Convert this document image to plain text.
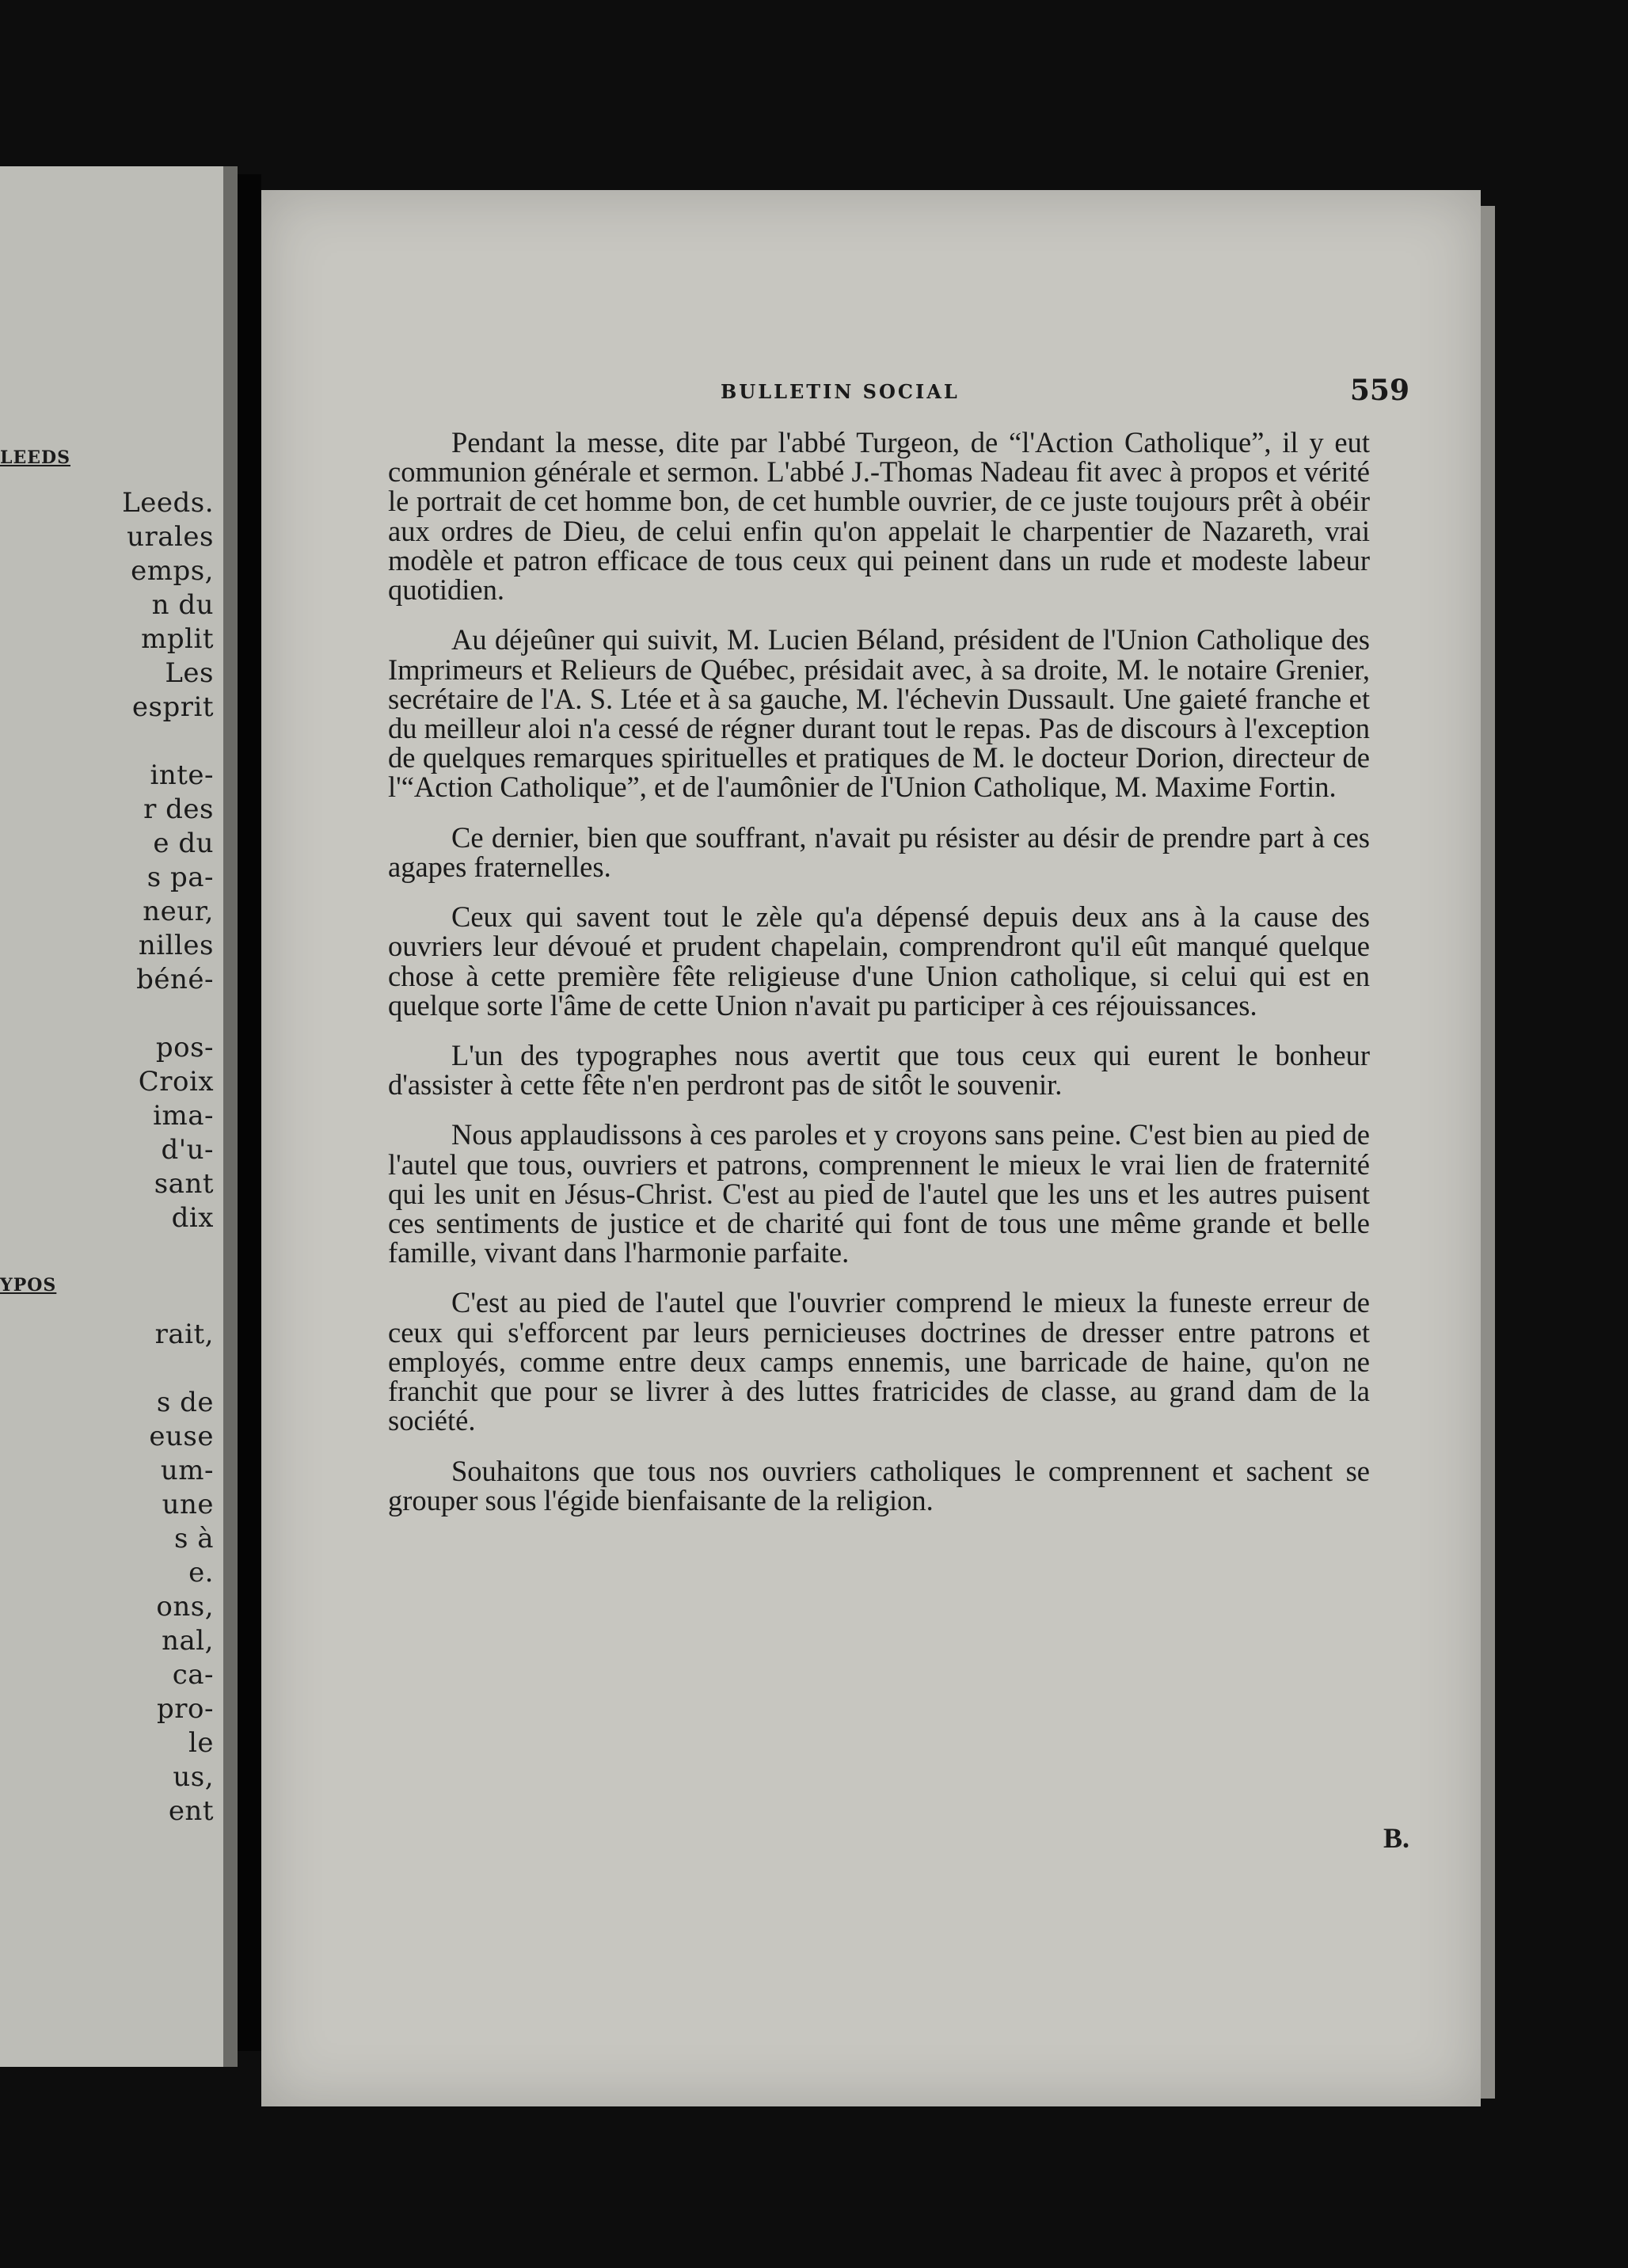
LEEDS
Leeds.
urales
emps,
n du
mplit
Les
esprit
inte-
r des
e du
s pa-
neur,
nilles
béné-
pos-
Croix
ima-
d'u-
sant
dix
YPOS
rait,
s de
euse
um-
une
s à
e.
ons,
nal,
ca-
pro-
le
us,
ent
BULLETIN SOCIAL	559

Pendant la messe, dite par l'abbé Turgeon, de “l'Action Catholique”, il y eut communion générale et sermon. L'abbé J.-Thomas Nadeau fit avec à propos et vérité le portrait de cet homme bon, de cet humble ouvrier, de ce juste toujours prêt à obéir aux ordres de Dieu, de celui enfin qu'on appelait le charpentier de Nazareth, vrai modèle et patron efficace de tous ceux qui peinent dans un rude et modeste labeur quotidien.

Au déjeûner qui suivit, M. Lucien Béland, président de l'Union Catholique des Imprimeurs et Relieurs de Québec, présidait avec, à sa droite, M. le notaire Grenier, secrétaire de l'A. S. Ltée et à sa gauche, M. l'échevin Dussault. Une gaieté franche et du meilleur aloi n'a cessé de régner durant tout le repas. Pas de discours à l'exception de quelques remarques spirituelles et pratiques de M. le docteur Dorion, directeur de l'“Action Catholique”, et de l'aumônier de l'Union Catholique, M. Maxime Fortin.

Ce dernier, bien que souffrant, n'avait pu résister au désir de prendre part à ces agapes fraternelles.

Ceux qui savent tout le zèle qu'a dépensé depuis deux ans à la cause des ouvriers leur dévoué et prudent chapelain, comprendront qu'il eût manqué quelque chose à cette première fête religieuse d'une Union catholique, si celui qui est en quelque sorte l'âme de cette Union n'avait pu participer à ces réjouissances.

L'un des typographes nous avertit que tous ceux qui eurent le bonheur d'assister à cette fête n'en perdront pas de sitôt le souvenir.

Nous applaudissons à ces paroles et y croyons sans peine. C'est bien au pied de l'autel que tous, ouvriers et patrons, comprennent le mieux le vrai lien de fraternité qui les unit en Jésus-Christ. C'est au pied de l'autel que les uns et les autres puisent ces sentiments de justice et de charité qui font de tous une même grande et belle famille, vivant dans l'harmonie parfaite.

C'est au pied de l'autel que l'ouvrier comprend le mieux la funeste erreur de ceux qui s'efforcent par leurs pernicieuses doctrines de dresser entre patrons et employés, comme entre deux camps ennemis, une barricade de haine, qu'on ne franchit que pour se livrer à des luttes fratricides de classe, au grand dam de la société.

Souhaitons que tous nos ouvriers catholiques le comprennent et sachent se grouper sous l'égide bienfaisante de la religion.

B.
